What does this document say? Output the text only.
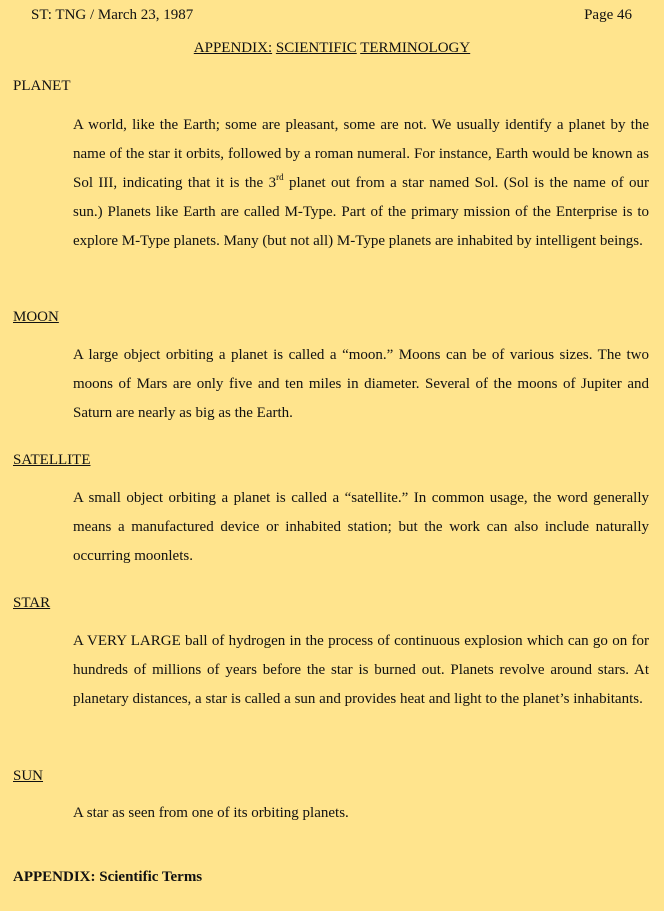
ST: TNG / March 23, 1987	Page 46
APPENDIX: SCIENTIFIC TERMINOLOGY
PLANET
A world, like the Earth; some are pleasant, some are not. We usually identify a planet by the name of the star it orbits, followed by a roman numeral. For instance, Earth would be known as Sol III, indicating that it is the 3rd planet out from a star named Sol. (Sol is the name of our sun.) Planets like Earth are called M-Type. Part of the primary mission of the Enterprise is to explore M-Type planets. Many (but not all) M-Type planets are inhabited by intelligent beings.
MOON
A large object orbiting a planet is called a “moon.” Moons can be of various sizes. The two moons of Mars are only five and ten miles in diameter. Several of the moons of Jupiter and Saturn are nearly as big as the Earth.
SATELLITE
A small object orbiting a planet is called a “satellite.” In common usage, the word generally means a manufactured device or inhabited station; but the work can also include naturally occurring moonlets.
STAR
A VERY LARGE ball of hydrogen in the process of continuous explosion which can go on for hundreds of millions of years before the star is burned out. Planets revolve around stars. At planetary distances, a star is called a sun and provides heat and light to the planet’s inhabitants.
SUN
A star as seen from one of its orbiting planets.
APPENDIX: Scientific Terms
